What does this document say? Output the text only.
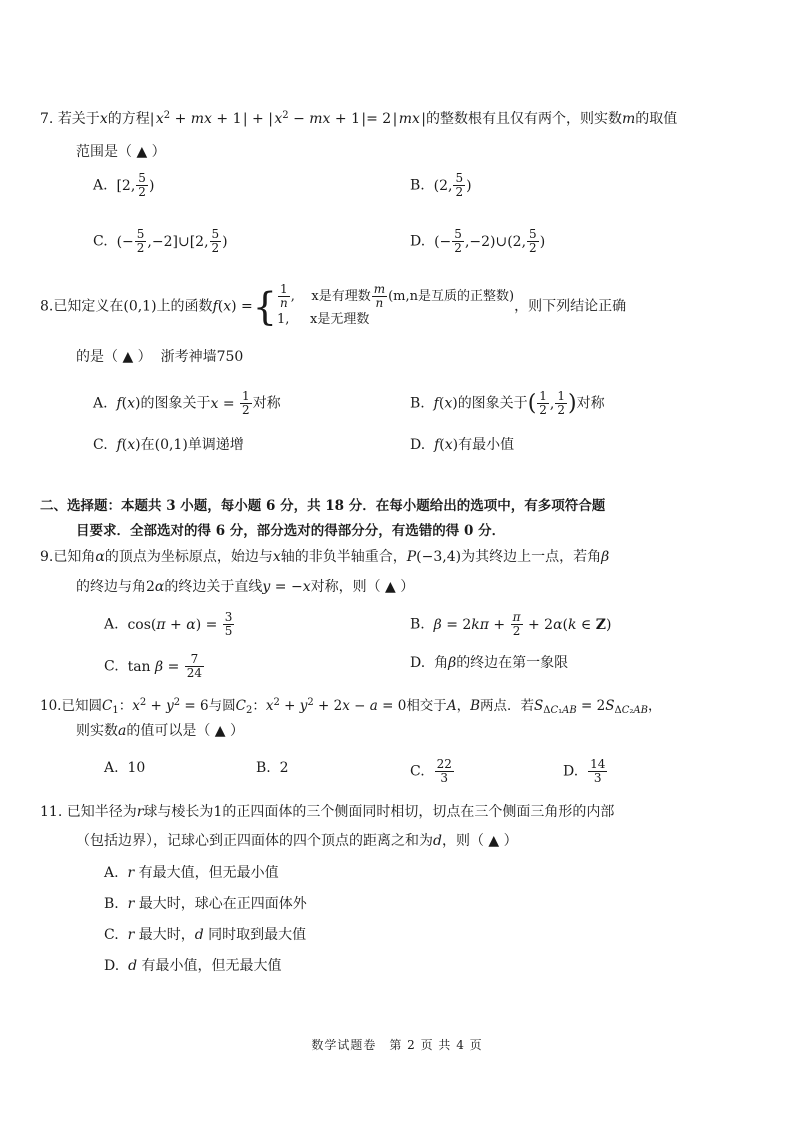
7. 若关于x的方程| $x^2$ + mx + 1 | + | $x^2$ − mx + 1 |= 2 | mx |的整数根有且仅有两个，则实数m的取值
范围是（ ▲ ）
A. [2, $\frac{5}{2}$ )	B. (2, $\frac{5}{2}$ )
C. (− $\frac{5}{2}$ ,−2]∪[2, $\frac{5}{2}$ )	D. (− $\frac{5}{2}$ ,−2)∪(2, $\frac{5}{2}$ )
8.已知定义在(0,1)上的函数f(x) ={ $\frac{1}{n}$ ,    x是有理数 $\frac{m}{n} (m,n$是互质的正整数)
1,     x是无理数
，则下列结论正确
的是（ ▲ ） 浙考神墙750
A. f(x)的图象关于$x = \frac{1}{2}$ 对称	B. f(x)的图象关于( $\frac{1}{2}$ , $\frac{1}{2}$ )对称
C. f(x)在(0,1)单调递增	D. f(x)有最小值
二、选择题：本题共 3 小题，每小题 6 分，共 18 分．在每小题给出的选项中，有多项符合题
目要求．全部选对的得 6 分，部分选对的得部分分，有选错的得 0 分．
9.已知角α的顶点为坐标原点，始边与x轴的非负半轴重合，P(−3,4)为其终边上一点，若角β
的终边与角2α的终边关于直线y = −x对称，则（ ▲ ）
A. $\cos(\pi + \alpha) = \frac{3}{5}$	B. $\beta = 2k\pi + \frac{\pi}{2} + 2\alpha(k$ ∈ Z)
C. $\tan \beta = \frac{7}{24}$	D. 角β的终边在第一象限
10.已知圆$C_1$：$x^2 + y^2 = 6$与圆$C_2$：$x^2 + y^2 + 2x - a = 0$相交于A，B两点．若$S_{\Delta C_1AB} = 2S_{\Delta C_2AB}$，
则实数a的值可以是（ ▲ ）
A. 10	B. 2	C. $\frac{22}{3}$	D. $\frac{14}{3}$
11. 已知半径为r球与棱长为1的正四面体的三个侧面同时相切，切点在三个侧面三角形的内部
（包括边界），记球心到正四面体的四个顶点的距离之和为d，则（ ▲ ）
A. r 有最大值，但无最小值
B. r 最大时，球心在正四面体外
C. r 最大时，d 同时取到最大值
D. d 有最小值，但无最大值
数学试题卷　第 2 页 共 4 页
